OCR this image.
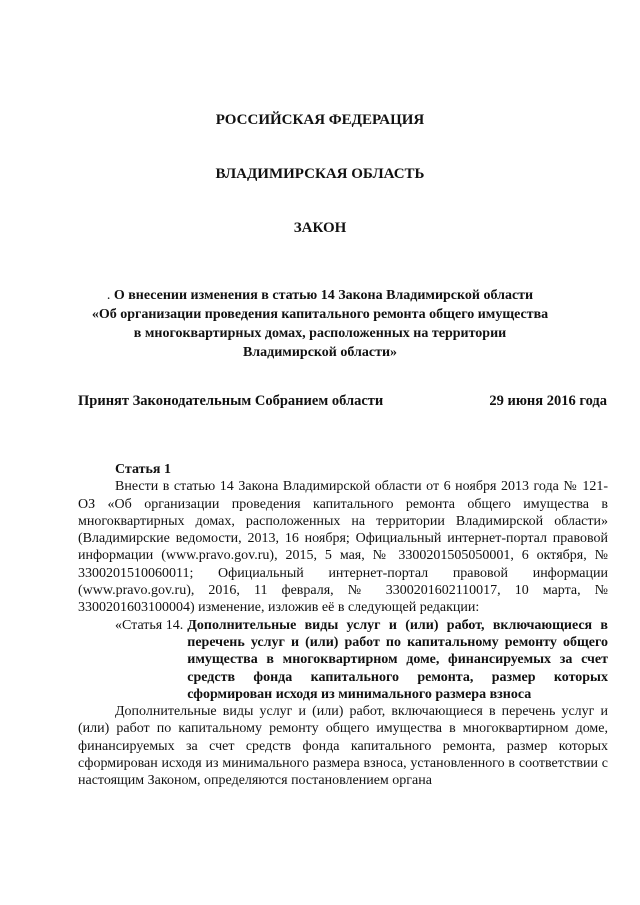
РОССИЙСКАЯ ФЕДЕРАЦИЯ
ВЛАДИМИРСКАЯ ОБЛАСТЬ
ЗАКОН
. О внесении изменения в статью 14 Закона Владимирской области
«Об организации проведения капитального ремонта общего имущества
в многоквартирных домах, расположенных на территории
Владимирской области»
Принят Законодательным Собранием области	29 июня 2016 года

Статья 1

Внести в статью 14 Закона Владимирской области от 6 ноября 2013 года № 121-ОЗ «Об организации проведения капитального ремонта общего имущества в многоквартирных домах, расположенных на территории Владимирской области» (Владимирские ведомости, 2013, 16 ноября; Официальный интернет-портал правовой информации (www.pravo.gov.ru), 2015, 5 мая, № 3300201505050001, 6 октября, № 3300201510060011; Официальный интернет-портал правовой информации (www.pravo.gov.ru), 2016, 11 февраля, № 3300201602110017, 10 марта, № 3300201603100004) изменение, изложив её в следующей редакции:

«Статья 14. Дополнительные виды услуг и (или) работ, включающиеся в перечень услуг и (или) работ по капитальному ремонту общего имущества в многоквартирном доме, финансируемых за счет средств фонда капитального ремонта, размер которых сформирован исходя из минимального размера взноса

Дополнительные виды услуг и (или) работ, включающиеся в перечень услуг и (или) работ по капитальному ремонту общего имущества в многоквартирном доме, финансируемых за счет средств фонда капитального ремонта, размер которых сформирован исходя из минимального размера взноса, установленного в соответствии с настоящим Законом, определяются постановлением органа
